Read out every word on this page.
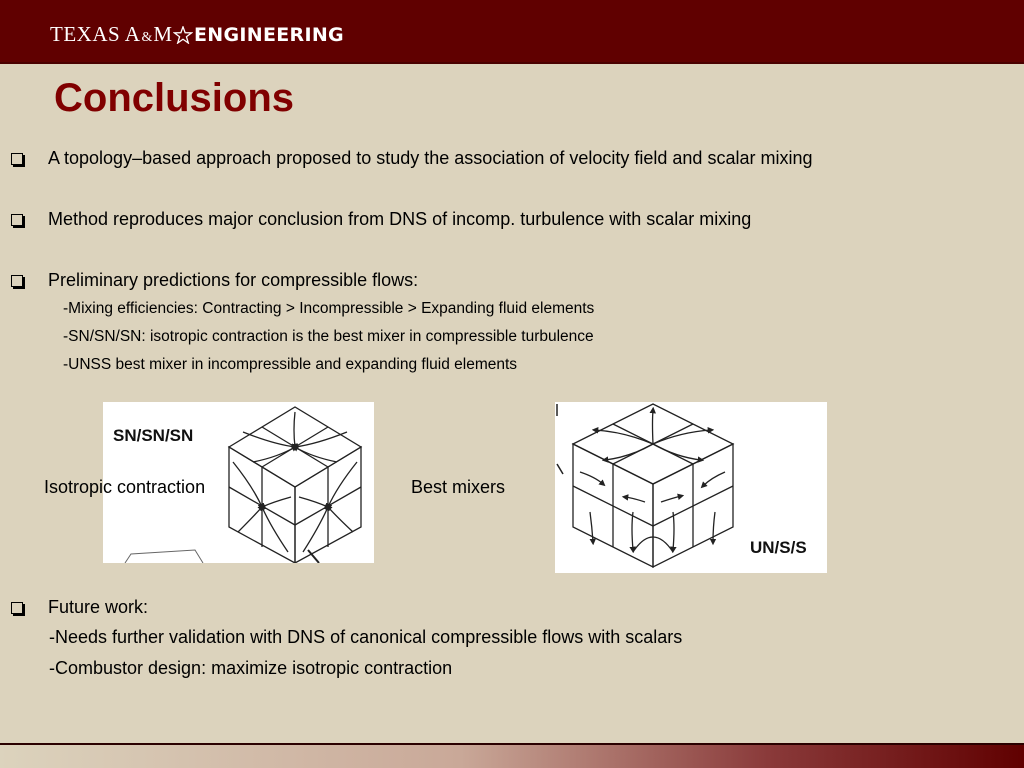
TEXAS A & M ENGINEERING
Conclusions
A topology–based approach proposed to study the association of velocity field and scalar mixing
Method reproduces major conclusion from DNS of incomp. turbulence with scalar mixing
Preliminary predictions for compressible flows:
-Mixing efficiencies: Contracting > Incompressible > Expanding fluid elements
-SN/SN/SN: isotropic contraction is the best mixer in compressible turbulence
-UNSS best mixer in incompressible and expanding fluid elements
SN/SN/SN
Isotropic contraction	Best mixers
UN/S/S
Future work:
-Needs further validation with DNS of canonical compressible flows with scalars
-Combustor design: maximize isotropic contraction
